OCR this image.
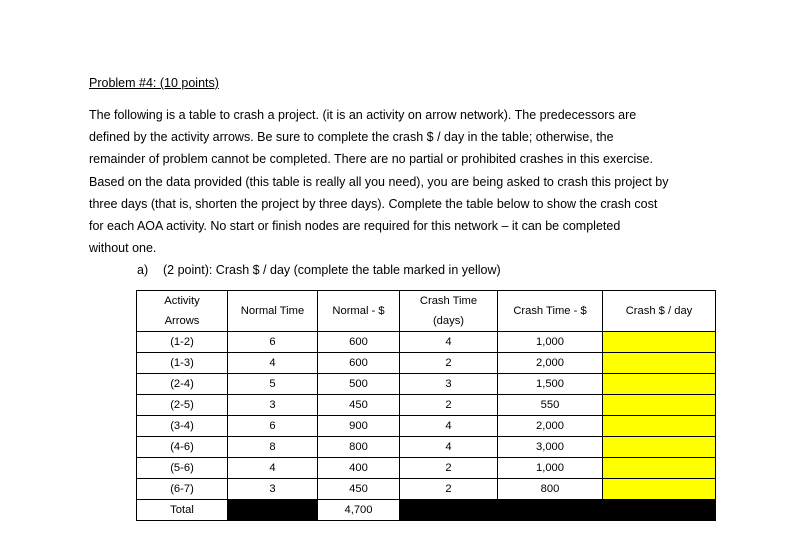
Problem #4: (10 points)
The following is a table to crash a project. (it is an activity on arrow network). The predecessors are
defined by the activity arrows. Be sure to complete the crash $ / day in the table; otherwise, the
remainder of problem cannot be completed. There are no partial or prohibited crashes in this exercise.
Based on the data provided (this table is really all you need), you are being asked to crash this project by
three days (that is, shorten the project by three days). Complete the table below to show the crash cost
for each AOA activity. No start or finish nodes are required for this network – it can be completed
without one.
a) (2 point): Crash $ / day (complete the table marked in yellow)
Activity
Arrows	Normal Time	Normal - $	Crash Time
(days)	Crash Time - $	Crash $ / day
(1-2)	6	600	4	1,000	
(1-3)	4	600	2	2,000	
(2-4)	5	500	3	1,500	
(2-5)	3	450	2	550	
(3-4)	6	900	4	2,000	
(4-6)	8	800	4	3,000	
(5-6)	4	400	2	1,000	
(6-7)	3	450	2	800	
Total		4,700			
